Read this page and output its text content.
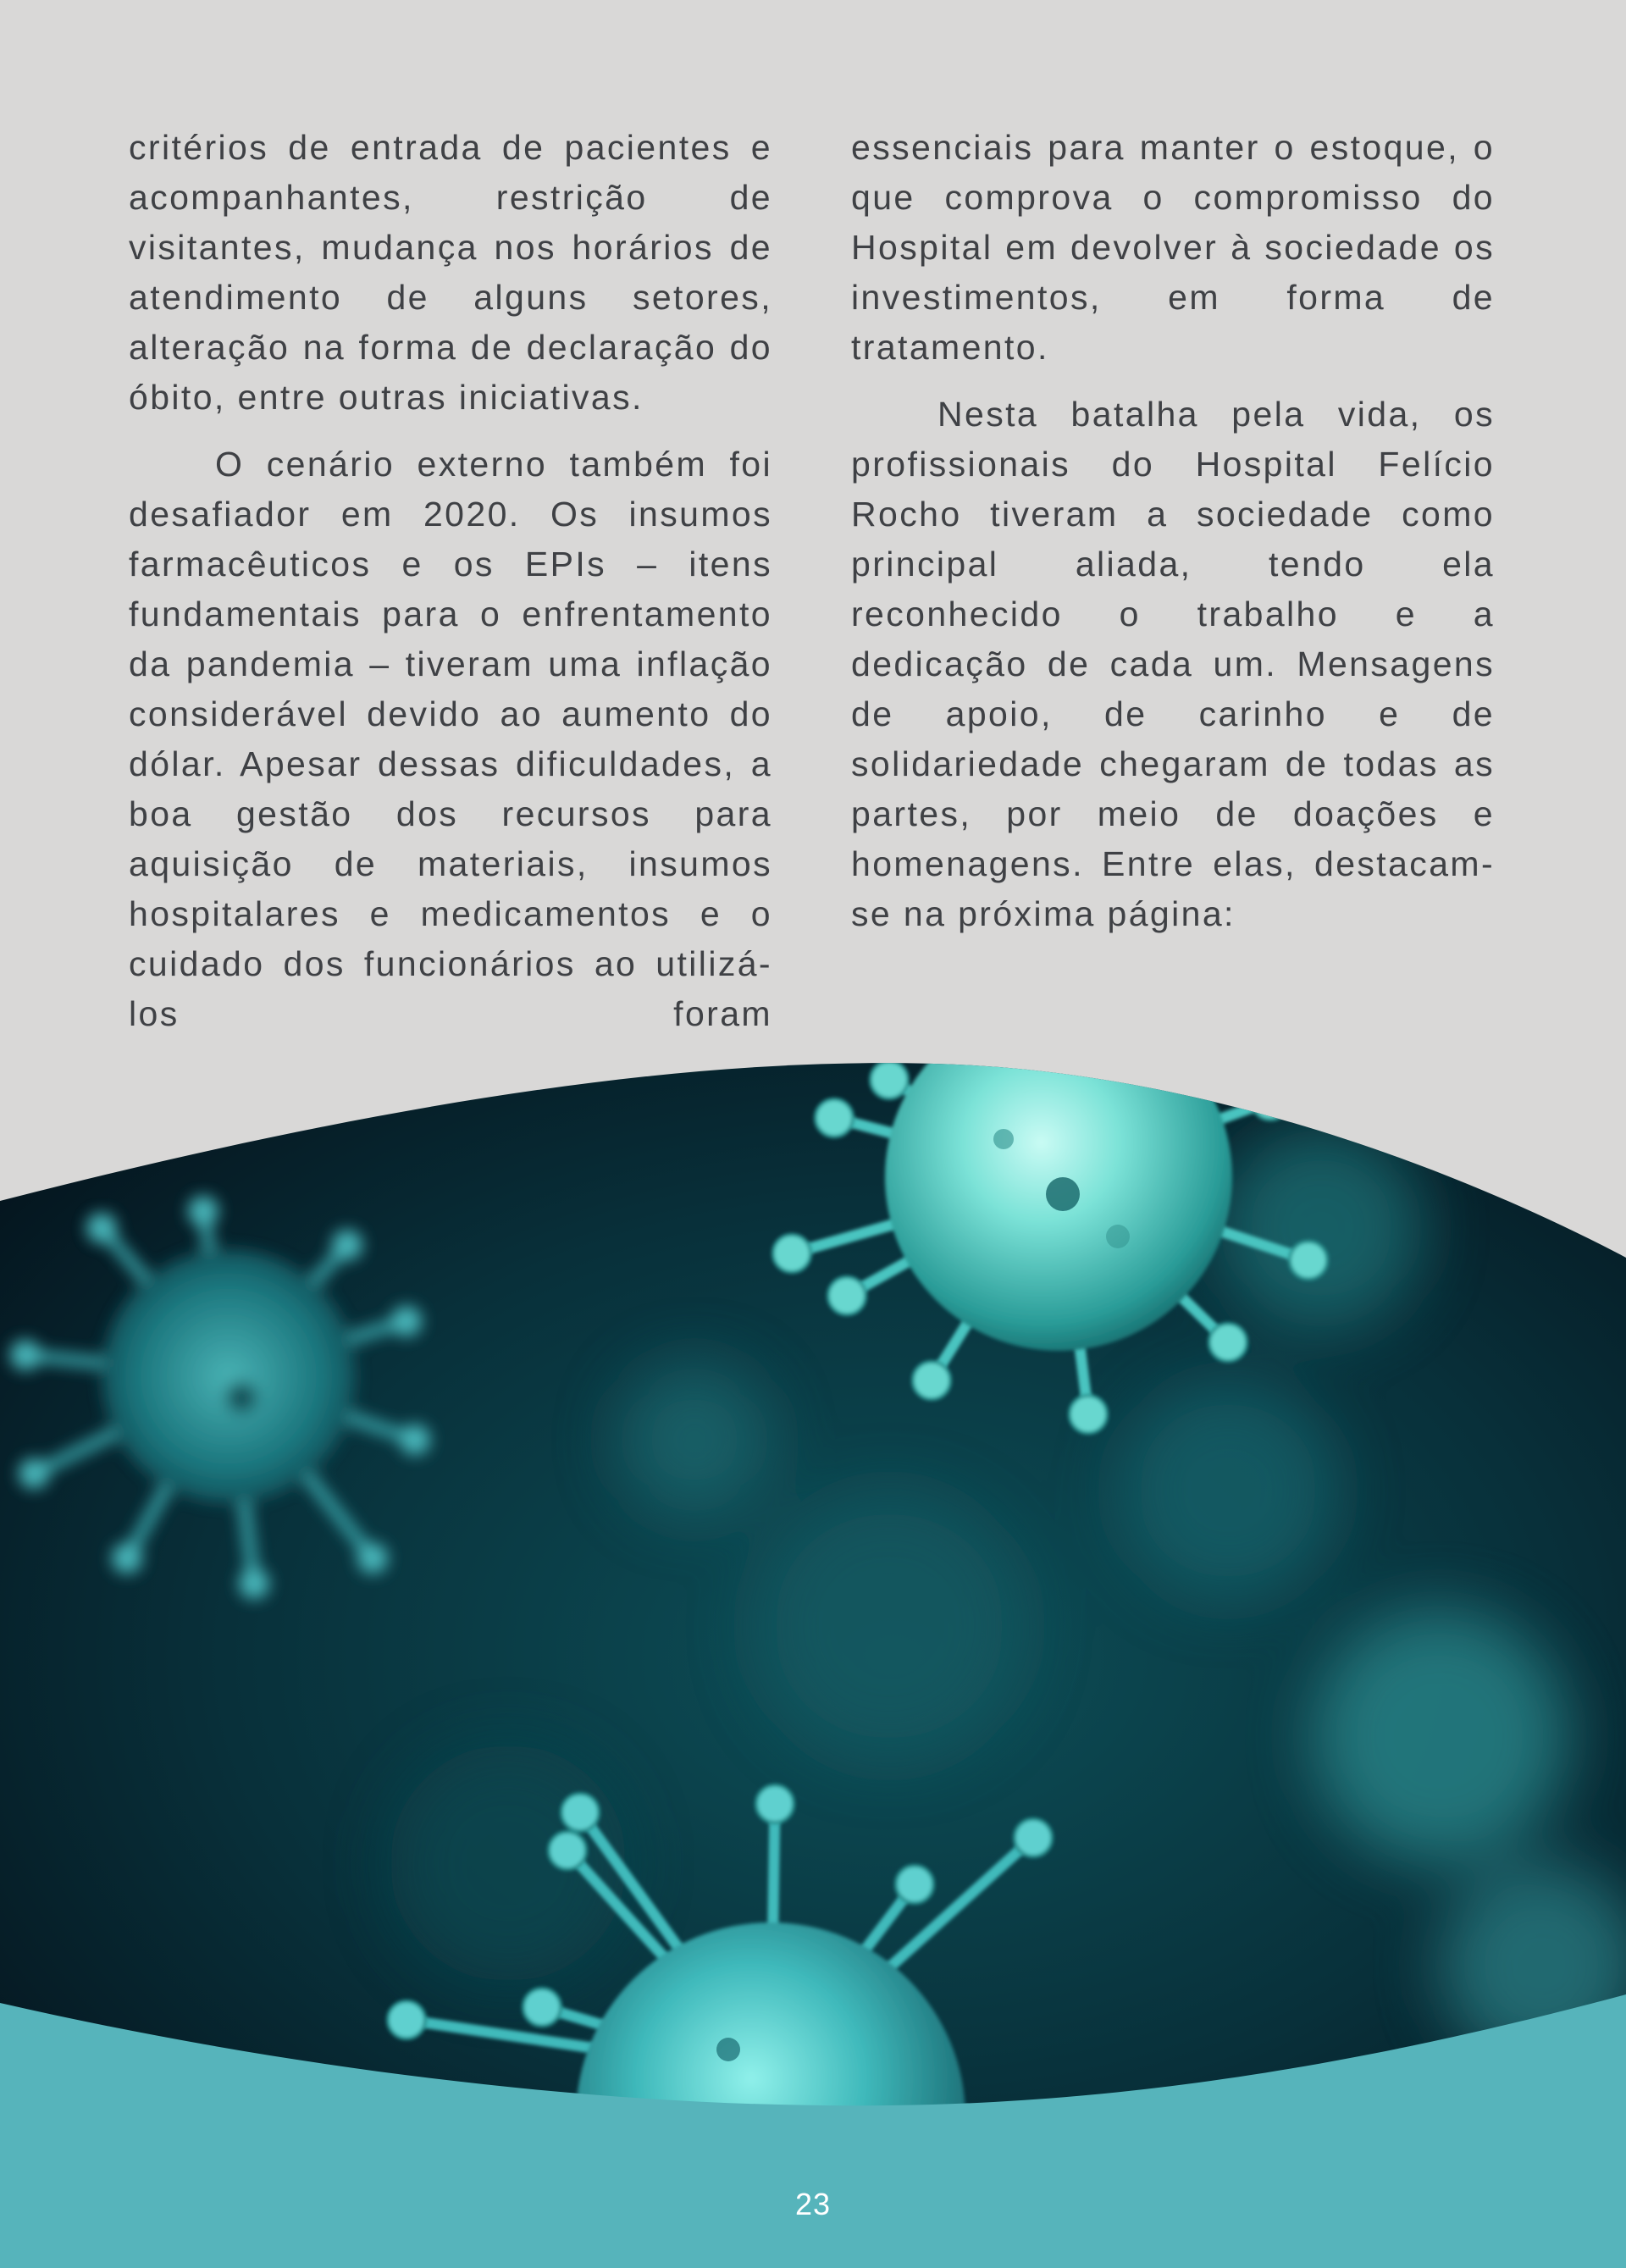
critérios de entrada de pacientes e acompanhantes, restrição de visitantes, mudança nos horários de atendimento de alguns setores, alteração na forma de declaração do óbito, entre outras iniciativas.

O cenário externo também foi desafiador em 2020. Os insumos farmacêuticos e os EPIs – itens fundamentais para o enfrentamento da pandemia – tiveram uma inflação considerável devido ao aumento do dólar. Apesar dessas dificuldades, a boa gestão dos recursos para aquisição de materiais, insumos hospitalares e medicamentos e o cuidado dos funcionários ao utilizá-los foram

essenciais para manter o estoque, o que comprova o compromisso do Hospital em devolver à sociedade os investimentos, em forma de tratamento.

Nesta batalha pela vida, os profissionais do Hospital Felício Rocho tiveram a sociedade como principal aliada, tendo ela reconhecido o trabalho e a dedicação de cada um. Mensagens de apoio, de carinho e de solidariedade chegaram de todas as partes, por meio de doações e homenagens. Entre elas, destacam-se na próxima página:

23
